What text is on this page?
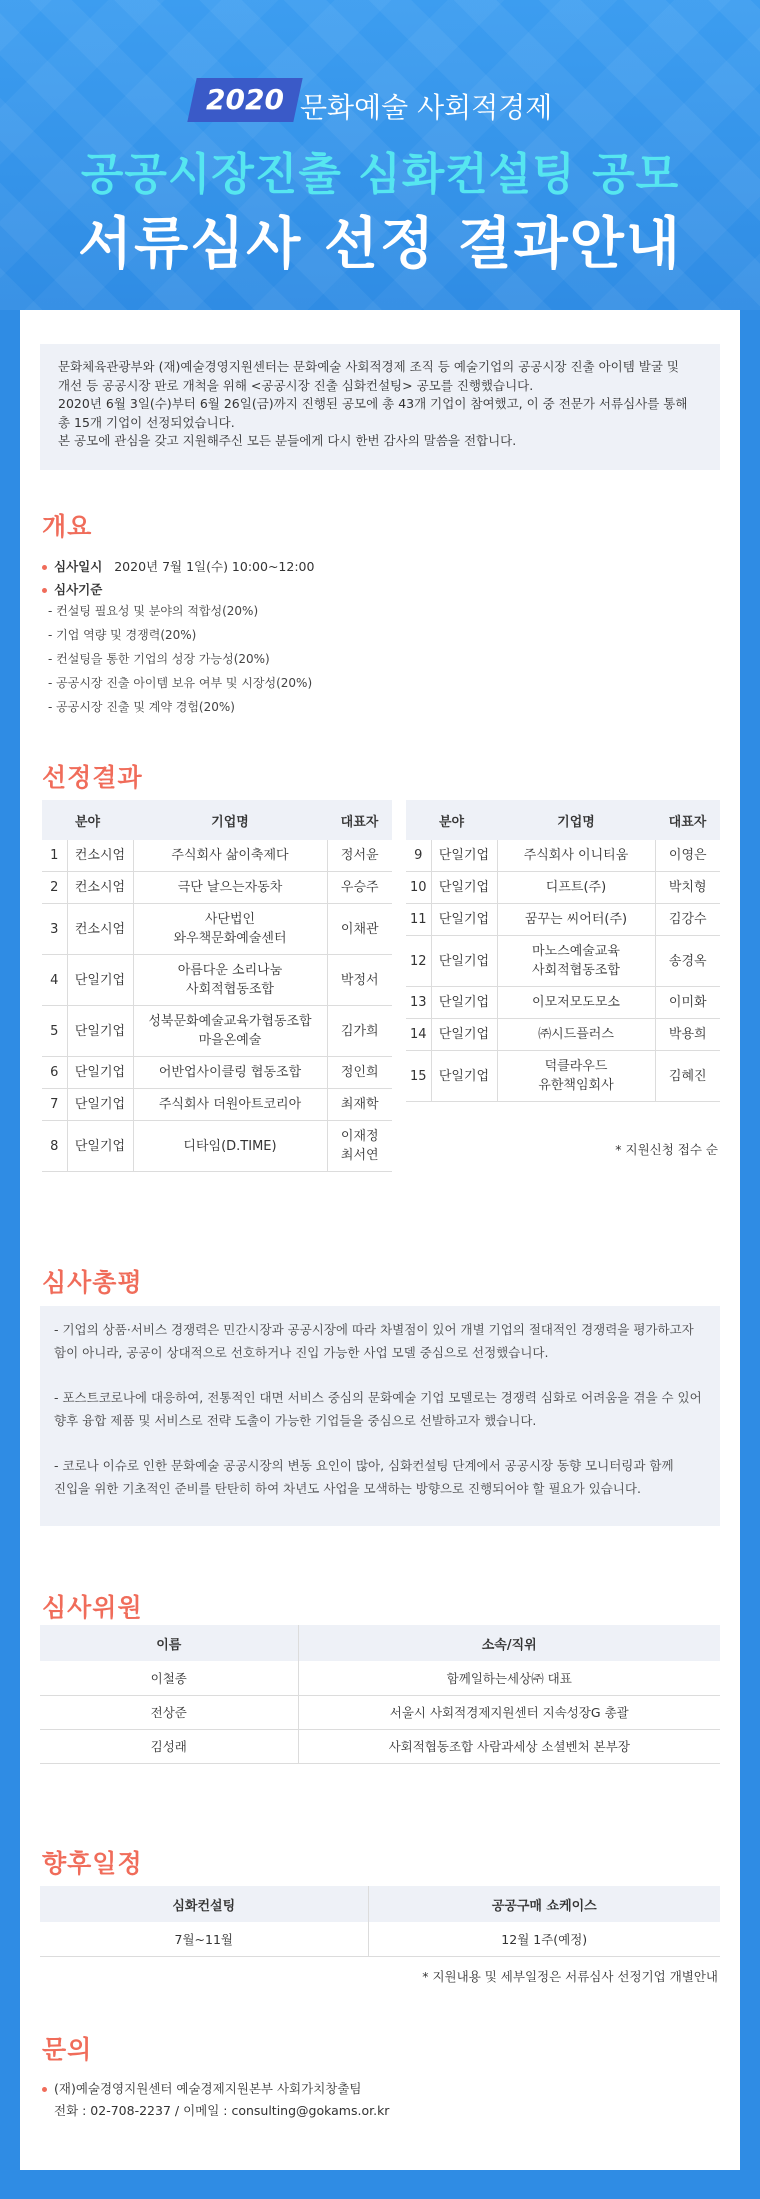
2020 문화예술 사회적경제
공공시장진출 심화컨설팅 공모
서류심사 선정 결과안내

문화체육관광부와 (재)예술경영지원센터는 문화예술 사회적경제 조직 등 예술기업의 공공시장 진출 아이템 발굴 및

개선 등 공공시장 판로 개척을 위해 <공공시장 진출 심화컨설팅> 공모를 진행했습니다.

2020년 6월 3일(수)부터 6월 26일(금)까지 진행된 공모에 총 43개 기업이 참여했고, 이 중 전문가 서류심사를 통해

총 15개 기업이 선정되었습니다.

본 공모에 관심을 갖고 지원해주신 모든 분들에게 다시 한번 감사의 말씀을 전합니다.

개요
심사일시 2020년 7월 1일(수) 10:00~12:00
심사기준
- 컨설팅 필요성 및 분야의 적합성(20%)
- 기업 역량 및 경쟁력(20%)
- 컨설팅을 통한 기업의 성장 가능성(20%)
- 공공시장 진출 아이템 보유 여부 및 시장성(20%)
- 공공시장 진출 및 계약 경험(20%)
선정결과
분야		기업명	대표자
1	컨소시엄	주식회사 삶이축제다	정서윤
2	컨소시엄	극단 날으는자동차	우승주
3	컨소시엄	사단법인
와우책문화예술센터	이채관
4	단일기업	아름다운 소리나눔
사회적협동조합	박정서
5	단일기업	성북문화예술교육가협동조합
마을온예술	김가희
6	단일기업	어반업사이클링 협동조합	정인희
7	단일기업	주식회사 더원아트코리아	최재학
8	단일기업	디타임(D.TIME)	이재정
최서연
분야		기업명	대표자
9	단일기업	주식회사 이니티움	이영은
10	단일기업	디프트(주)	박치형
11	단일기업	꿈꾸는 씨어터(주)	김강수
12	단일기업	마노스예술교육
사회적협동조합	송경옥
13	단일기업	이모저모도모소	이미화
14	단일기업	㈜시드플러스	박용희
15	단일기업	덕클라우드
유한책임회사	김혜진
* 지원신청 접수 순
심사총평

- 기업의 상품·서비스 경쟁력은 민간시장과 공공시장에 따라 차별점이 있어 개별 기업의 절대적인 경쟁력을 평가하고자
함이 아니라, 공공이 상대적으로 선호하거나 진입 가능한 사업 모델 중심으로 선정했습니다.

- 포스트코로나에 대응하여, 전통적인 대면 서비스 중심의 문화예술 기업 모델로는 경쟁력 심화로 어려움을 겪을 수 있어
향후 융합 제품 및 서비스로 전략 도출이 가능한 기업들을 중심으로 선발하고자 했습니다.

- 코로나 이슈로 인한 문화예술 공공시장의 변동 요인이 많아, 심화컨설팅 단계에서 공공시장 동향 모니터링과 함께
진입을 위한 기초적인 준비를 탄탄히 하여 차년도 사업을 모색하는 방향으로 진행되어야 할 필요가 있습니다.

심사위원
이름	소속/직위
이철종	함께일하는세상㈜ 대표
전상준	서울시 사회적경제지원센터 지속성장G 총괄
김성래	사회적협동조합 사람과세상 소셜벤처 본부장
향후일정
심화컨설팅	공공구매 쇼케이스
7월~11월	12월 1주(예정)
* 지원내용 및 세부일정은 서류심사 선정기업 개별안내
문의

(재)예술경영지원센터 예술경제지원본부 사회가치창출팀

전화 : 02-708-2237 / 이메일 : consulting@gokams.or.kr
